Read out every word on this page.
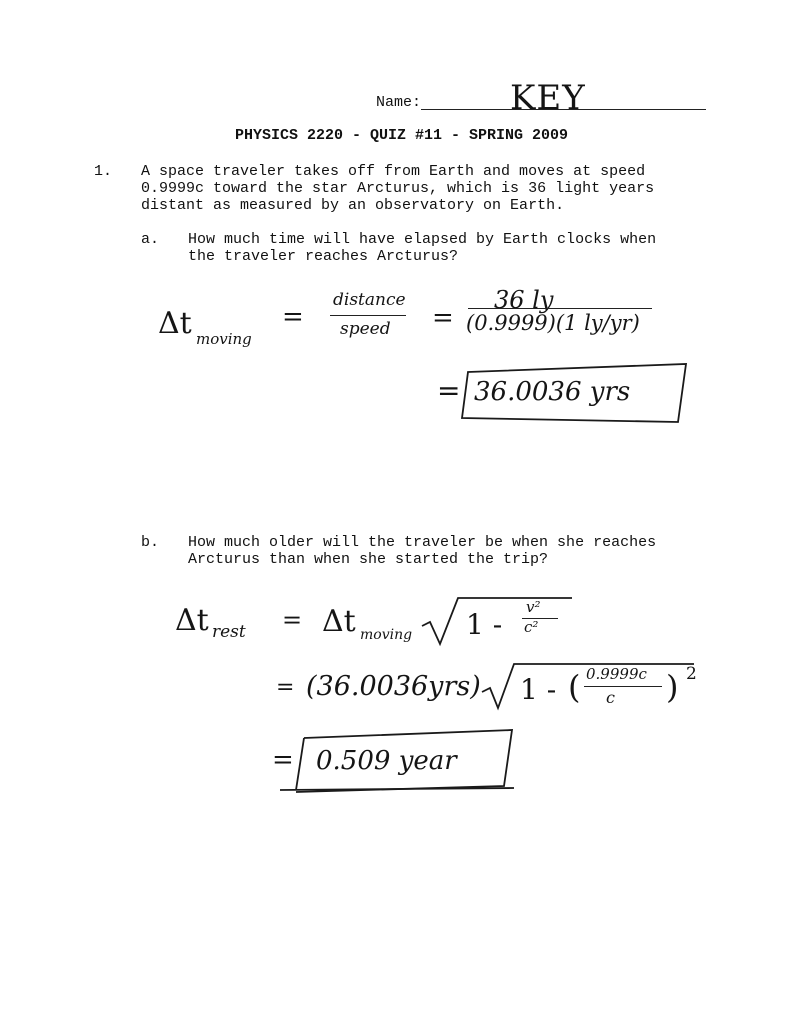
Name:	KEY
PHYSICS 2220 - QUIZ #11 - SPRING 2009
1. A space traveler takes off from Earth and moves at speed
0.9999c toward the star Arcturus, which is 36 light years
distant as measured by an observatory on Earth.
a. How much time will have elapsed by Earth clocks when
the traveler reaches Arcturus?
Δt moving
=
distance
speed =
36 ly
(0.9999)(1 ly/yr)
= 36.0036 yrs
b. How much older will the traveler be when she reaches
Arcturus than when she started the trip?
Δt rest = Δt moving 1 -
v²
c²
= (36.0036yrs) 1 - ( 0.9999c
c ) 2
= 0.509 year
